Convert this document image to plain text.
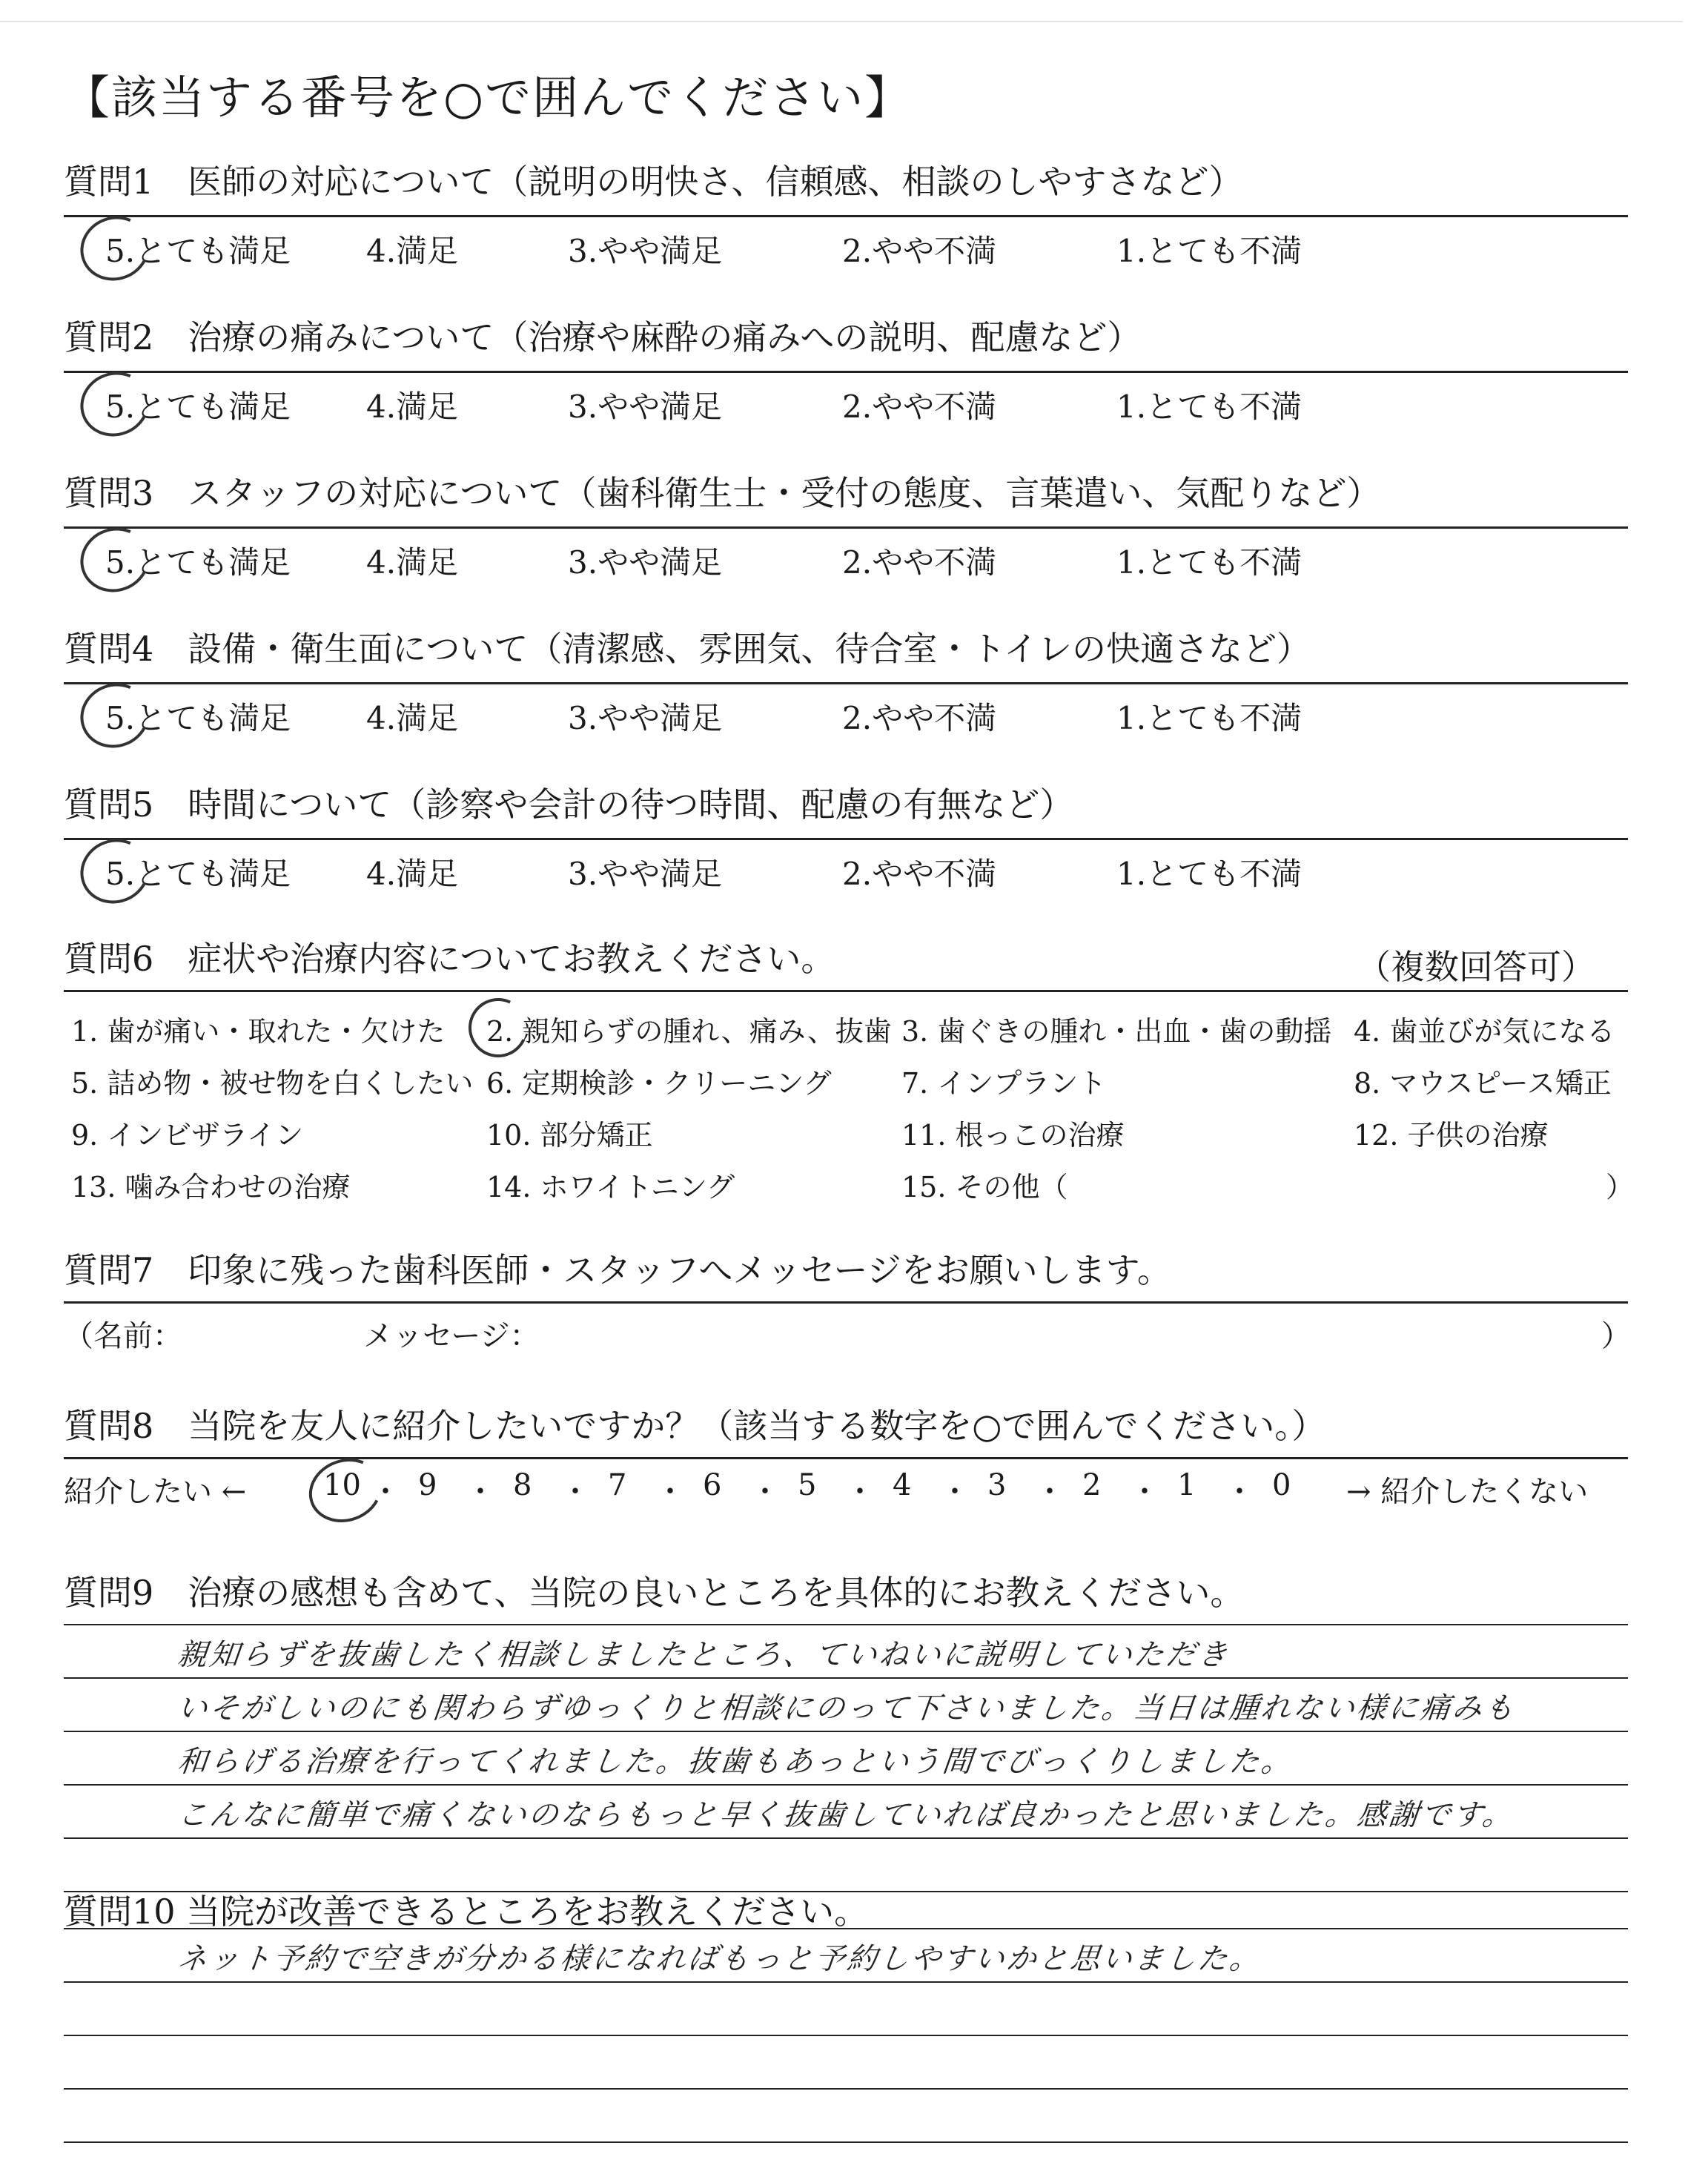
【該当する番号を○で囲んでください】
質問1　医師の対応について（説明の明快さ、信頼感、相談のしやすさなど）
5.とても満足 4.満足	3.やや満足	2.やや不満	1.とても不満
質問2　治療の痛みについて（治療や麻酔の痛みへの説明、配慮など）
5.とても満足 4.満足	3.やや満足	2.やや不満	1.とても不満
質問3　スタッフの対応について（歯科衛生士・受付の態度、言葉遣い、気配りなど）
5.とても満足 4.満足	3.やや満足	2.やや不満	1.とても不満
質問4　設備・衛生面について（清潔感、雰囲気、待合室・トイレの快適さなど）
5.とても満足 4.満足	3.やや満足	2.やや不満	1.とても不満
質問5　時間について（診察や会計の待つ時間、配慮の有無など）
5.とても満足 4.満足	3.やや満足	2.やや不満	1.とても不満
質問6　症状や治療内容についてお教えください。	（複数回答可）
1. 歯が痛い・取れた・欠けた 2. 親知らずの腫れ、痛み、抜歯 3. 歯ぐきの腫れ・出血・歯の動揺 4. 歯並びが気になる
5. 詰め物・被せ物を白くしたい 6. 定期検診・クリーニング 7. インプラント	8. マウスピース矯正
9. インビザライン	10. 部分矯正	11. 根っこの治療	12. 子供の治療
13. 噛み合わせの治療	14. ホワイトニング	15. その他（	）
質問7　印象に残った歯科医師・スタッフへメッセージをお願いします。
（名前：	メッセージ：	）
質問8　当院を友人に紹介したいですか？（該当する数字を○で囲んでください。）
紹介したい ←	→ 紹介したくない
10 ・ 9 ・ 8 ・ 7 ・ 6 ・ 5 ・ 4 ・ 3 ・ 2 ・ 1 ・ 0
質問9　治療の感想も含めて、当院の良いところを具体的にお教えください。
親知らずを抜歯したく相談しましたところ、ていねいに説明していただき
いそがしいのにも関わらずゆっくりと相談にのって下さいました。当日は腫れない様に痛みも
和らげる治療を行ってくれました。抜歯もあっという間でびっくりしました。
こんなに簡単で痛くないのならもっと早く抜歯していれば良かったと思いました。感謝です。
質問10 当院が改善できるところをお教えください。
ネット予約で空きが分かる様になればもっと予約しやすいかと思いました。
